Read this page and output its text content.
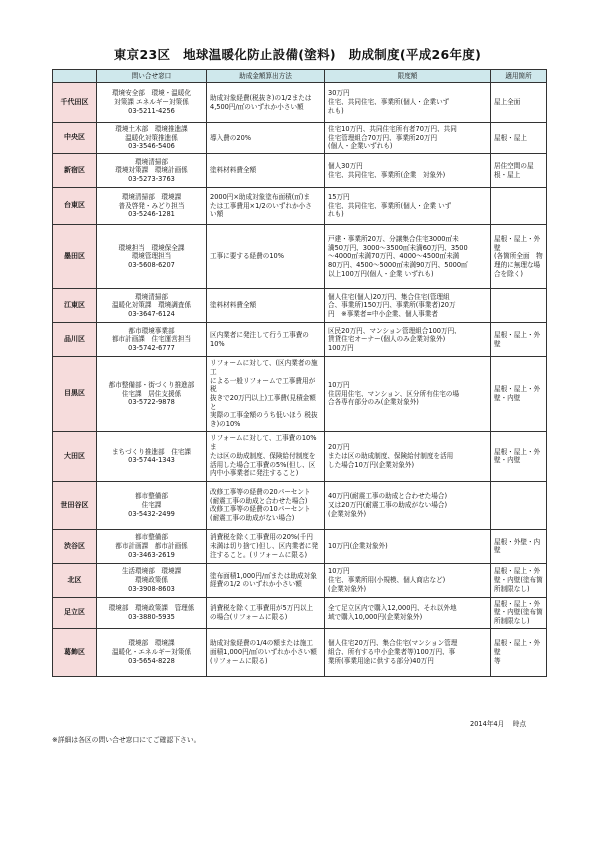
東京23区　地球温暖化防止設備(塗料)　助成制度(平成26年度)
	問い合せ窓口	助成金額算出方法	限度額	適用箇所
千代田区	環境安全部　環境・温暖化
対策課 エネルギー対策係
03-5211-4256	助成対象経費(税抜き)の1/2または
4,500円/㎡のいずれか小さい額	30万円
住宅、共同住宅、事業所(個人・企業いず
れも)	屋上全面
中央区	環境土木部　環境推進課
温暖化対策推進係
03-3546-5406	導入費の20%	住宅10万円、共同住宅所有者70万円、共同
住宅管理組合70万円、事業所20万円
(個人・企業いずれも)	屋根・屋上
新宿区	環境清掃部
環境対策課　環境計画係
03-5273-3763	塗料材料費全額	個人30万円
住宅、共同住宅、事業所(企業　対象外)	居住空間の屋
根・屋上
台東区	環境清掃部　環境課
普及啓発・みどり担当
03-5246-1281	2000円×助成対象塗布面積(㎡)ま
たは工事費用×1/2のいずれか小さ
い額	15万円
住宅、共同住宅、事業所(個人・企業 いず
れも)	
墨田区	環境担当　環境保全課
環境管理担当
03-5608-6207	工事に要する経費の10%	戸建・事業所20万、分譲集合住宅3000㎡未
満50万円、3000～3500㎡未満60万円、3500
～4000㎡未満70万円、4000～4500㎡未満
80万円、4500～5000㎡未満90万円、5000㎡
以上100万円(個人・企業 いずれも)	屋根・屋上・外壁
(各箇所全面　物
理的に無理な場
合を除く)
江東区	環境清掃部
温暖化対策課　環境調査係
03-3647-6124	塗料材料費全額	個人住宅(個人)20万円、集合住宅(管理組
合、事業所)150万円、事業所(事業者)20万
円　※事業者=中小企業、個人事業者	
品川区	都市環境事業部
都市計画課　住宅運営担当
03-5742-6777	区内業者に発注して行う工事費の
10%	区民20万円、マンション管理組合100万円、
賃貸住宅オーナー(個人のみ企業対象外)
100万円	屋根・屋上・外壁
目黒区	都市整備部・街づくり推進部
住宅課　居住支援係
03-5722-9878	リフォームに対して、(区内業者の施工
による一般リフォームで工事費用が税
抜きで20万円以上)工事費(見積金額と
実際の工事金額のうち低いほう 税抜
き)の10%	10万円
住居用住宅、マンション、区分所有住宅の場
合各専有部分のみ(企業対象外)	屋根・屋上・外
壁・内壁
大田区	まちづくり推進部　住宅課
03-5744-1343	リフォームに対して、工事費の10%ま
たは区の助成制度、保険給付制度を
活用した場合工事費の5%(但し、区
内中小事業者に発注すること)	20万円
または区の助成制度、保険給付制度を活用
した場合10万円(企業対象外)	屋根・屋上・外
壁・内壁
世田谷区	都市整備部
住宅課
03-5432-2499	改修工事等の経費の20パーセント
(耐震工事の助成と合わせた場合)
改修工事等の経費の10パーセント
(耐震工事の助成がない場合)	40万円(耐震工事の助成と合わせた場合)
又は20万円(耐震工事の助成がない場合)
(企業対象外)	
渋谷区	都市整備部
都市計画課　都市計画係
03-3463-2619	消費税を除く工事費用の20%(千円
未満は切り捨て)但し、区内業者に発
注すること。(リフォームに限る)	10万円(企業対象外)	屋根・外壁・内壁
北区	生活環境部　環境課
環境政策係
03-3908-8603	塗布面積1,000円/㎡または助成対象
経費の1/2 のいずれか小さい額	10万円
住宅、事業所用(小規模、個人商店など)
(企業対象外)	屋根・屋上・外
壁・内壁(塗布箇
所制限なし)
足立区	環境部　環境政策課　管理係
03-3880-5935	消費税を除く工事費用が5万円以上
の場合(リフォームに限る)	全て足立区内で購入12,000円、それ以外地
域で購入10,000円(企業対象外)	屋根・屋上・外
壁・内壁(塗布箇
所制限なし)
葛飾区	環境部　環境課
温暖化・エネルギー対策係
03-5654-8228	助成対象経費の1/4の額または施工
面積1,000円/㎡のいずれか小さい額
(リフォームに限る)	個人住宅20万円、集合住宅(マンション管理
組合、所有する中小企業者等)100万円、事
業所(事業用途に供する部分)40万円	屋根・屋上・外壁
等
2014年4月　 時点
※詳細は各区の問い合せ窓口にてご確認下さい。
